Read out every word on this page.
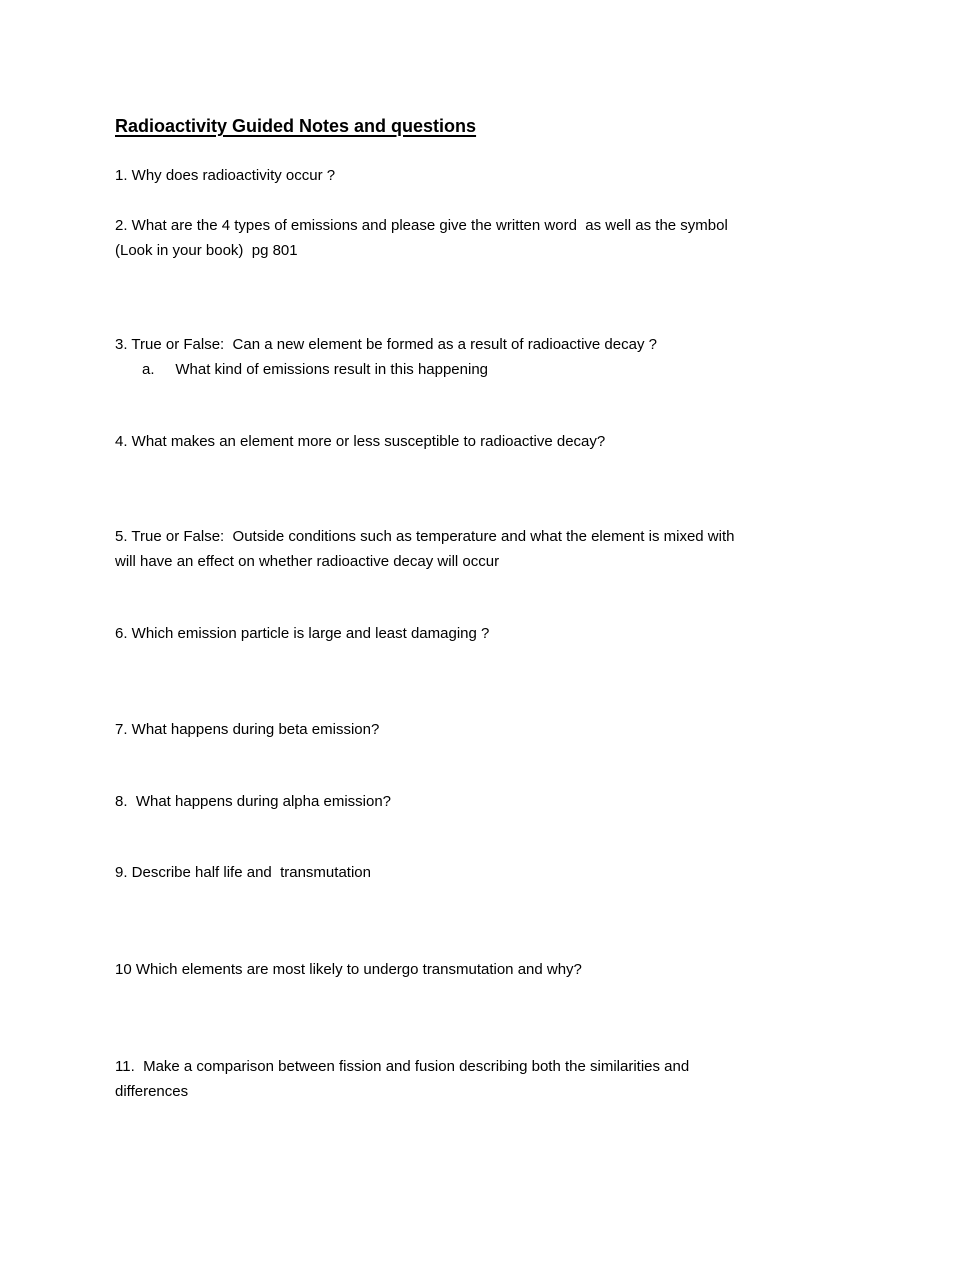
Radioactivity Guided Notes and questions
1. Why does radioactivity occur ?
2. What are the 4 types of emissions and please give the written word  as well as the symbol
(Look in your book)  pg 801
3. True or False:  Can a new element be formed as a result of radioactive decay ?
a.     What kind of emissions result in this happening
4. What makes an element more or less susceptible to radioactive decay?
5. True or False:  Outside conditions such as temperature and what the element is mixed with
will have an effect on whether radioactive decay will occur
6. Which emission particle is large and least damaging ?
7. What happens during beta emission?
8.  What happens during alpha emission?
9. Describe half life and  transmutation
10 Which elements are most likely to undergo transmutation and why?
11.  Make a comparison between fission and fusion describing both the similarities and
differences
